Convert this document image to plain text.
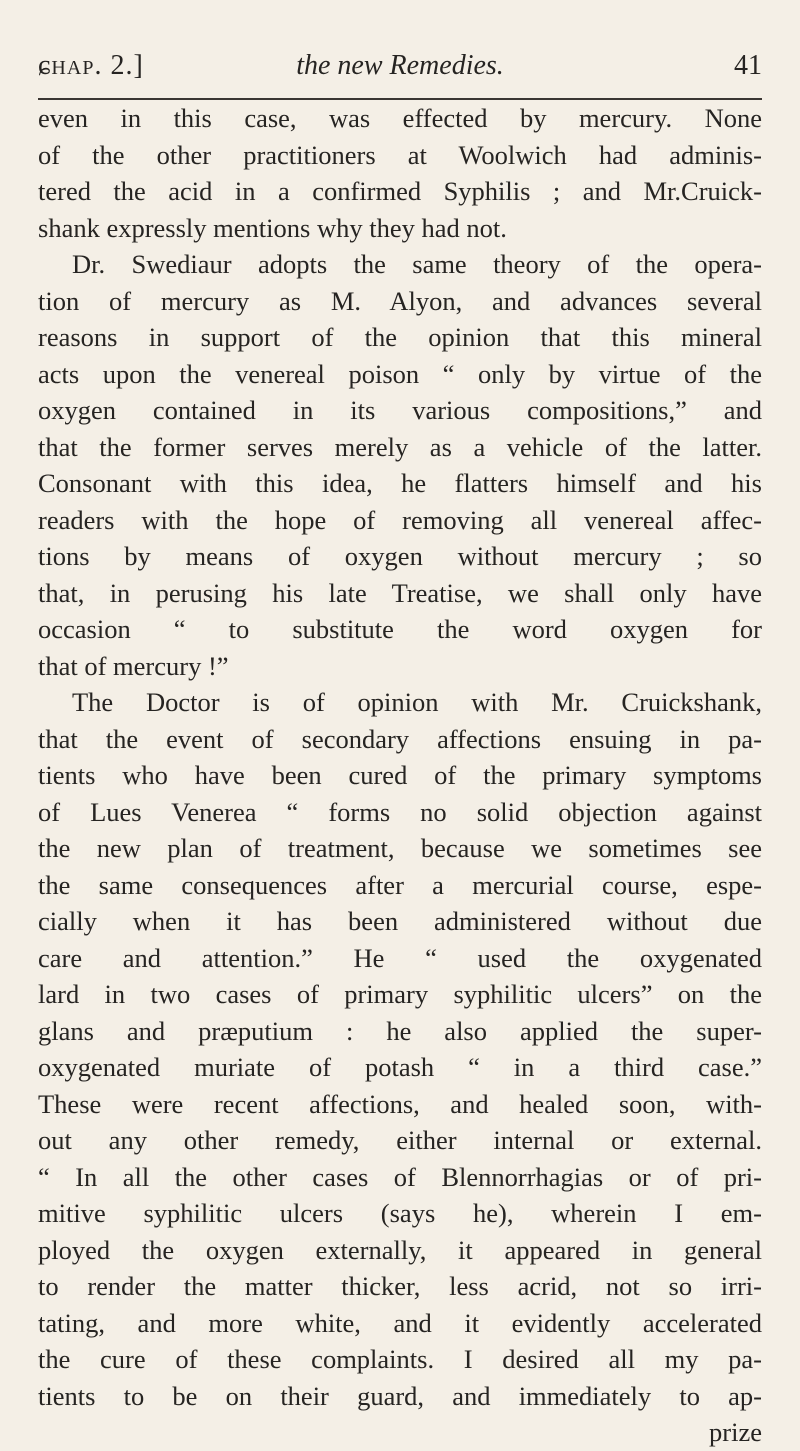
ɕhap. 2.]	the new Remedies.	41
even in this case, was effected by mercury. None
of the other practitioners at Woolwich had adminis-
tered the acid in a confirmed Syphilis ; and Mr.Cruick-
shank expressly mentions why they had not.
Dr. Swediaur adopts the same theory of the opera-
tion of mercury as M. Alyon, and advances several
reasons in support of the opinion that this mineral
acts upon the venereal poison “ only by virtue of the
oxygen contained in its various compositions,” and
that the former serves merely as a vehicle of the latter.
Consonant with this idea, he flatters himself and his
readers with the hope of removing all venereal affec-
tions by means of oxygen without mercury ; so
that, in perusing his late Treatise, we shall only have
occasion “ to substitute the word oxygen for
that of mercury !”
The Doctor is of opinion with Mr. Cruickshank,
that the event of secondary affections ensuing in pa-
tients who have been cured of the primary symptoms
of Lues Venerea “ forms no solid objection against
the new plan of treatment, because we sometimes see
the same consequences after a mercurial course, espe-
cially when it has been administered without due
care and attention.” He “ used the oxygenated
lard in two cases of primary syphilitic ulcers” on the
glans and præputium : he also applied the super-
oxygenated muriate of potash “ in a third case.”
These were recent affections, and healed soon, with-
out any other remedy, either internal or external.
“ In all the other cases of Blennorrhagias or of pri-
mitive syphilitic ulcers (says he), wherein I em-
ployed the oxygen externally, it appeared in general
to render the matter thicker, less acrid, not so irri-
tating, and more white, and it evidently accelerated
the cure of these complaints. I desired all my pa-
tients to be on their guard, and immediately to ap-
prize
